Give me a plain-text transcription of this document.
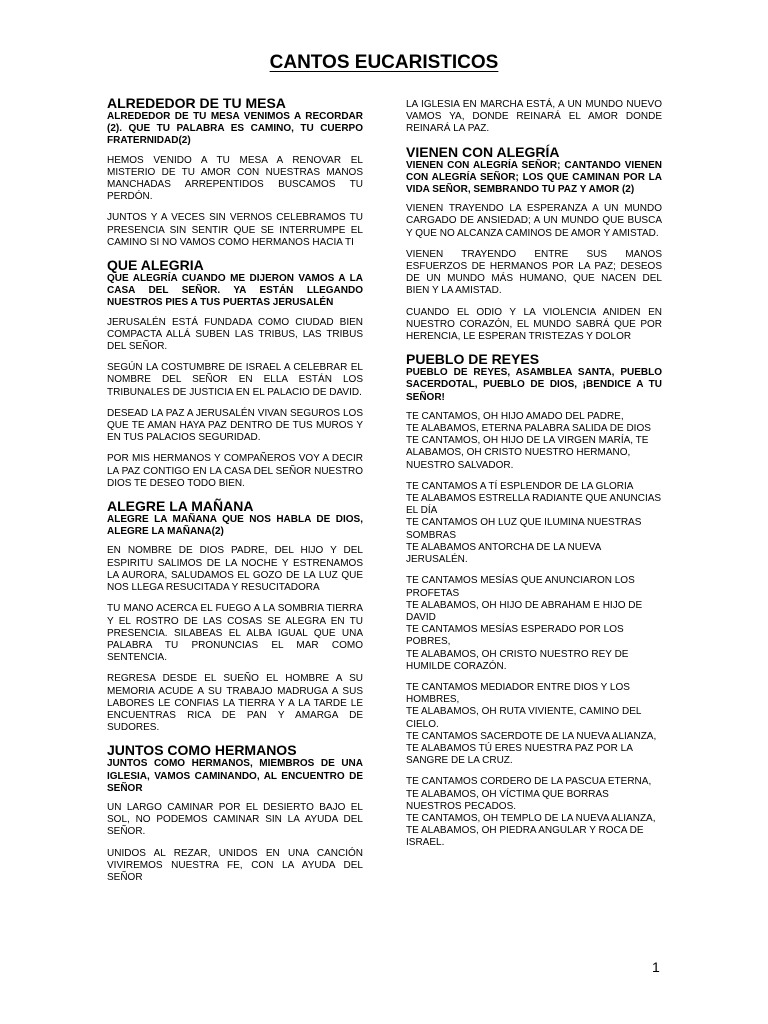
CANTOS EUCARISTICOS
ALREDEDOR DE TU MESA
ALREDEDOR DE TU MESA VENIMOS A RECORDAR (2). QUE TU PALABRA ES CAMINO, TU CUERPO FRATERNIDAD(2)
HEMOS VENIDO A TU MESA A RENOVAR EL MISTERIO DE TU AMOR CON NUESTRAS MANOS MANCHADAS ARREPENTIDOS BUSCAMOS TU PERDÓN.
JUNTOS Y A VECES SIN VERNOS CELEBRAMOS TU PRESENCIA SIN SENTIR QUE SE INTERRUMPE EL CAMINO SI NO VAMOS COMO HERMANOS HACIA TI
QUE ALEGRIA
QUE ALEGRÍA CUANDO ME DIJERON VAMOS A LA CASA DEL SEÑOR. YA ESTÁN LLEGANDO NUESTROS PIES A TUS PUERTAS JERUSALÉN
JERUSALÉN ESTÁ FUNDADA COMO CIUDAD BIEN COMPACTA ALLÁ SUBEN LAS TRIBUS, LAS TRIBUS DEL SEÑOR.
SEGÚN LA COSTUMBRE DE ISRAEL A CELEBRAR EL NOMBRE DEL SEÑOR EN ELLA ESTÁN LOS TRIBUNALES DE JUSTICIA EN EL PALACIO DE DAVID.
DESEAD LA PAZ A JERUSALÉN VIVAN SEGUROS LOS QUE TE AMAN HAYA PAZ DENTRO DE TUS MUROS Y EN TUS PALACIOS SEGURIDAD.
POR MIS HERMANOS Y COMPAÑEROS VOY A DECIR LA PAZ CONTIGO EN LA CASA DEL SEÑOR NUESTRO DIOS TE DESEO TODO BIEN.
ALEGRE LA MAÑANA
ALEGRE LA MAÑANA QUE NOS HABLA DE DIOS, ALEGRE LA MAÑANA(2)
EN NOMBRE DE DIOS PADRE, DEL HIJO Y DEL ESPIRITU SALIMOS DE LA NOCHE Y ESTRENAMOS LA AURORA, SALUDAMOS EL GOZO DE LA LUZ QUE NOS LLEGA RESUCITADA Y RESUCITADORA
TU MANO ACERCA EL FUEGO A LA SOMBRIA TIERRA Y EL ROSTRO DE LAS COSAS SE ALEGRA EN TU PRESENCIA. SILABEAS EL ALBA IGUAL QUE UNA PALABRA TU PRONUNCIAS EL MAR COMO SENTENCIA.
REGRESA DESDE EL SUEÑO EL HOMBRE A SU MEMORIA ACUDE A SU TRABAJO MADRUGA A SUS LABORES LE CONFIAS LA TIERRA Y A LA TARDE LE ENCUENTRAS RICA DE PAN Y AMARGA DE SUDORES.
JUNTOS COMO HERMANOS
JUNTOS COMO HERMANOS, MIEMBROS DE UNA IGLESIA, VAMOS CAMINANDO, AL ENCUENTRO DE SEÑOR
UN LARGO CAMINAR POR EL DESIERTO BAJO EL SOL, NO PODEMOS CAMINAR SIN LA AYUDA DEL SEÑOR.
UNIDOS AL REZAR, UNIDOS EN UNA CANCIÓN VIVIREMOS NUESTRA FE, CON LA AYUDA DEL SEÑOR
LA IGLESIA EN MARCHA ESTÁ, A UN MUNDO NUEVO VAMOS YA, DONDE REINARÁ EL AMOR DONDE REINARÁ LA PAZ.
VIENEN CON ALEGRÍA
VIENEN CON ALEGRÍA SEÑOR; CANTANDO VIENEN CON ALEGRÍA SEÑOR; LOS QUE CAMINAN POR LA VIDA SEÑOR, SEMBRANDO TU PAZ Y AMOR (2)
VIENEN TRAYENDO LA ESPERANZA A UN MUNDO CARGADO DE ANSIEDAD; A UN MUNDO QUE BUSCA Y QUE NO ALCANZA CAMINOS DE AMOR Y AMISTAD.
VIENEN TRAYENDO ENTRE SUS MANOS ESFUERZOS DE HERMANOS POR LA PAZ; DESEOS DE UN MUNDO MÁS HUMANO, QUE NACEN DEL BIEN Y LA AMISTAD.
CUANDO EL ODIO Y LA VIOLENCIA ANIDEN EN NUESTRO CORAZÓN, EL MUNDO SABRÁ QUE POR HERENCIA, LE ESPERAN TRISTEZAS Y DOLOR
PUEBLO DE REYES
PUEBLO DE REYES, ASAMBLEA SANTA, PUEBLO SACERDOTAL, PUEBLO DE DIOS, ¡BENDICE A TU SEÑOR!
TE CANTAMOS, OH HIJO AMADO DEL PADRE,
TE ALABAMOS, ETERNA PALABRA SALIDA DE DIOS TE CANTAMOS, OH HIJO DE LA VIRGEN MARÍA, TE ALABAMOS, OH CRISTO NUESTRO HERMANO, NUESTRO SALVADOR.
TE CANTAMOS A TÍ ESPLENDOR DE LA GLORIA
TE ALABAMOS ESTRELLA RADIANTE QUE ANUNCIAS EL DÍA
TE CANTAMOS OH LUZ QUE ILUMINA NUESTRAS SOMBRAS
TE ALABAMOS ANTORCHA DE LA NUEVA JERUSALÉN.
TE CANTAMOS MESÍAS QUE ANUNCIARON LOS PROFETAS
TE ALABAMOS, OH HIJO DE ABRAHAM E HIJO DE DAVID
TE CANTAMOS MESÍAS ESPERADO POR LOS POBRES,
TE ALABAMOS, OH CRISTO NUESTRO REY DE HUMILDE CORAZÓN.
TE CANTAMOS MEDIADOR ENTRE DIOS Y LOS HOMBRES,
TE ALABAMOS, OH RUTA VIVIENTE, CAMINO DEL CIELO.
TE CANTAMOS SACERDOTE DE LA NUEVA ALIANZA, TE ALABAMOS TÚ ERES NUESTRA PAZ POR LA SANGRE DE LA CRUZ.
TE CANTAMOS CORDERO DE LA PASCUA ETERNA,
TE ALABAMOS, OH VÍCTIMA QUE BORRAS NUESTROS PECADOS.
TE CANTAMOS, OH TEMPLO DE LA NUEVA ALIANZA,
TE ALABAMOS, OH PIEDRA ANGULAR Y ROCA DE ISRAEL.
1
